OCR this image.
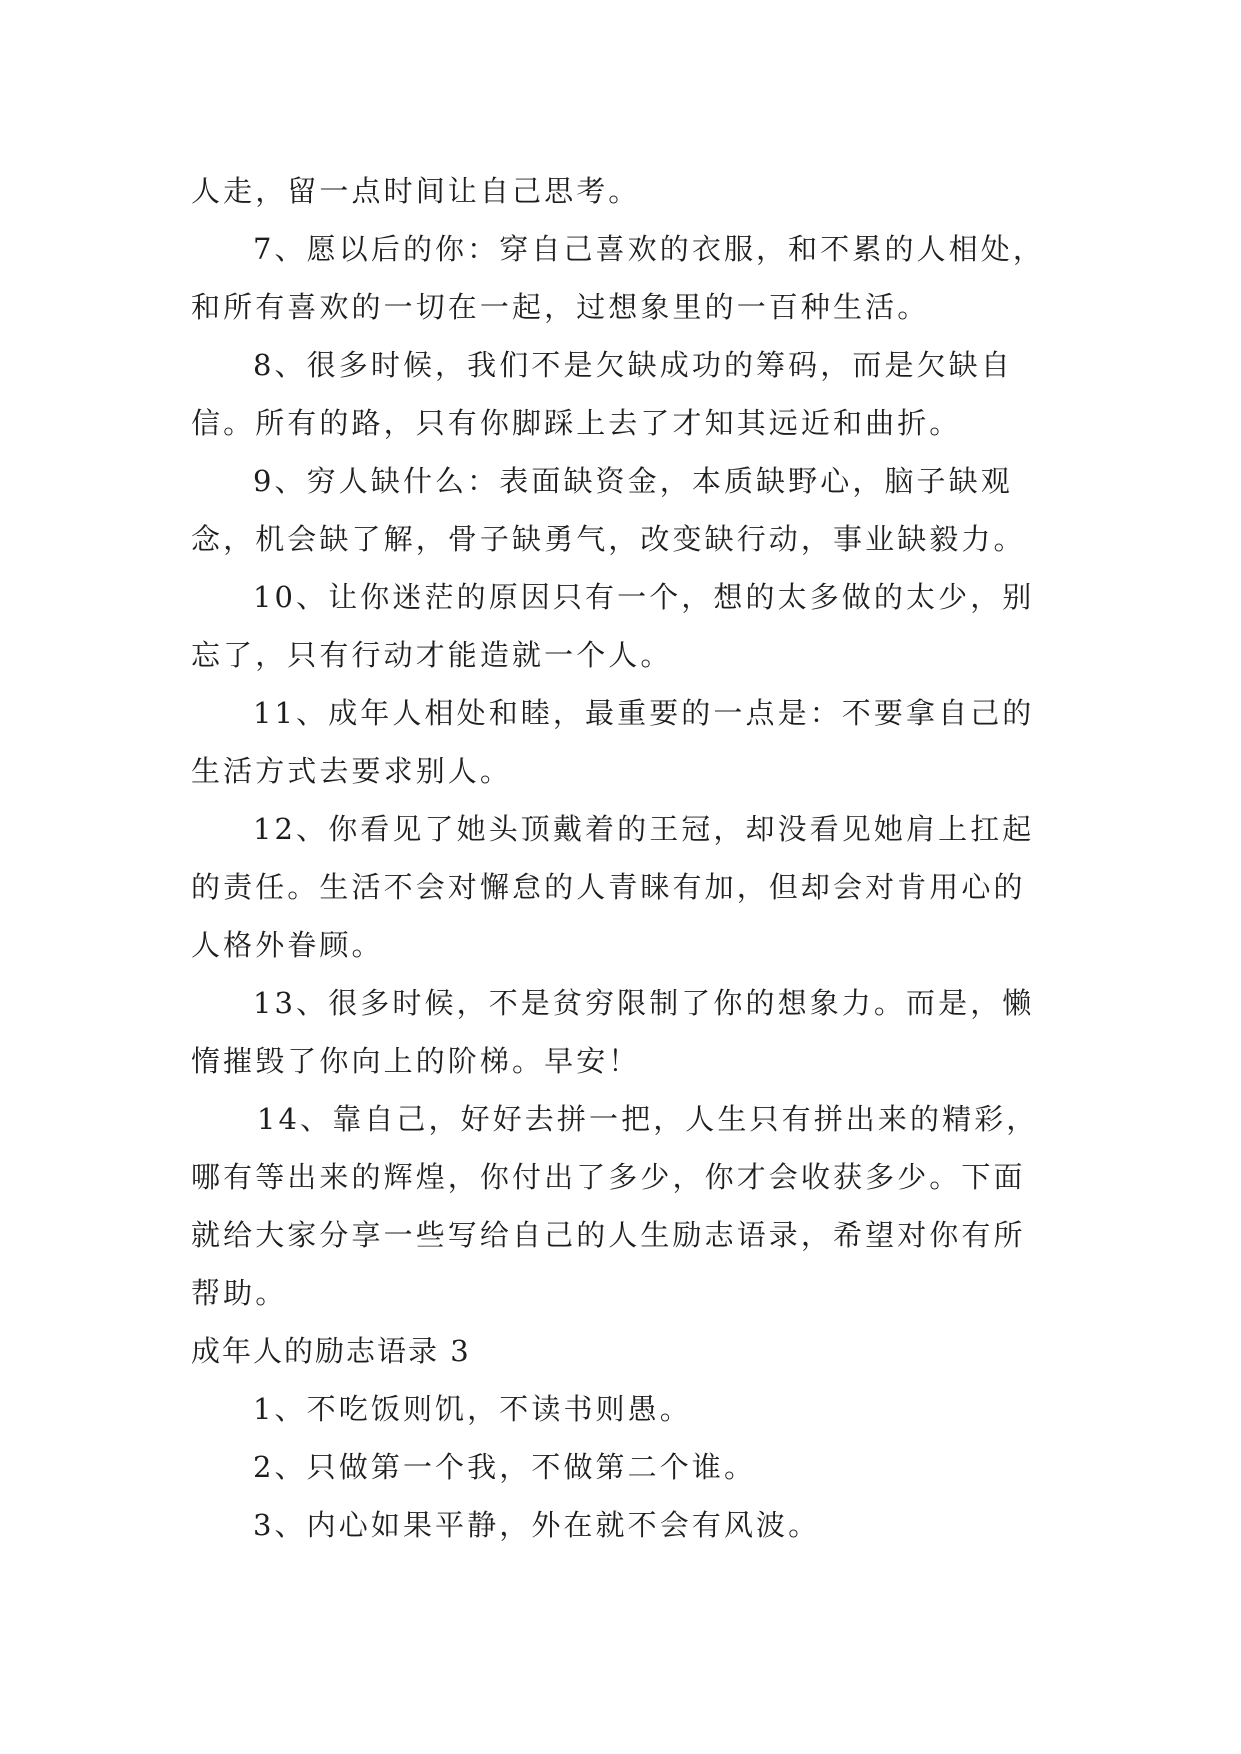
人走，留一点时间让自己思考。
7、愿以后的你：穿自己喜欢的衣服，和不累的人相处，
和所有喜欢的一切在一起，过想象里的一百种生活。
8、很多时候，我们不是欠缺成功的筹码，而是欠缺自
信。所有的路，只有你脚踩上去了才知其远近和曲折。
9、穷人缺什么：表面缺资金，本质缺野心，脑子缺观
念，机会缺了解，骨子缺勇气，改变缺行动，事业缺毅力。
10、让你迷茫的原因只有一个，想的太多做的太少，别
忘了，只有行动才能造就一个人。
11、成年人相处和睦，最重要的一点是：不要拿自己的
生活方式去要求别人。
12、你看见了她头顶戴着的王冠，却没看见她肩上扛起
的责任。生活不会对懈怠的人青睐有加，但却会对肯用心的
人格外眷顾。
13、很多时候，不是贫穷限制了你的想象力。而是，懒
惰摧毁了你向上的阶梯。早安！
14、靠自己，好好去拼一把，人生只有拼出来的精彩，
哪有等出来的辉煌，你付出了多少，你才会收获多少。下面
就给大家分享一些写给自己的人生励志语录，希望对你有所
帮助。
成年人的励志语录 3
1、不吃饭则饥，不读书则愚。
2、只做第一个我，不做第二个谁。
3、内心如果平静，外在就不会有风波。
